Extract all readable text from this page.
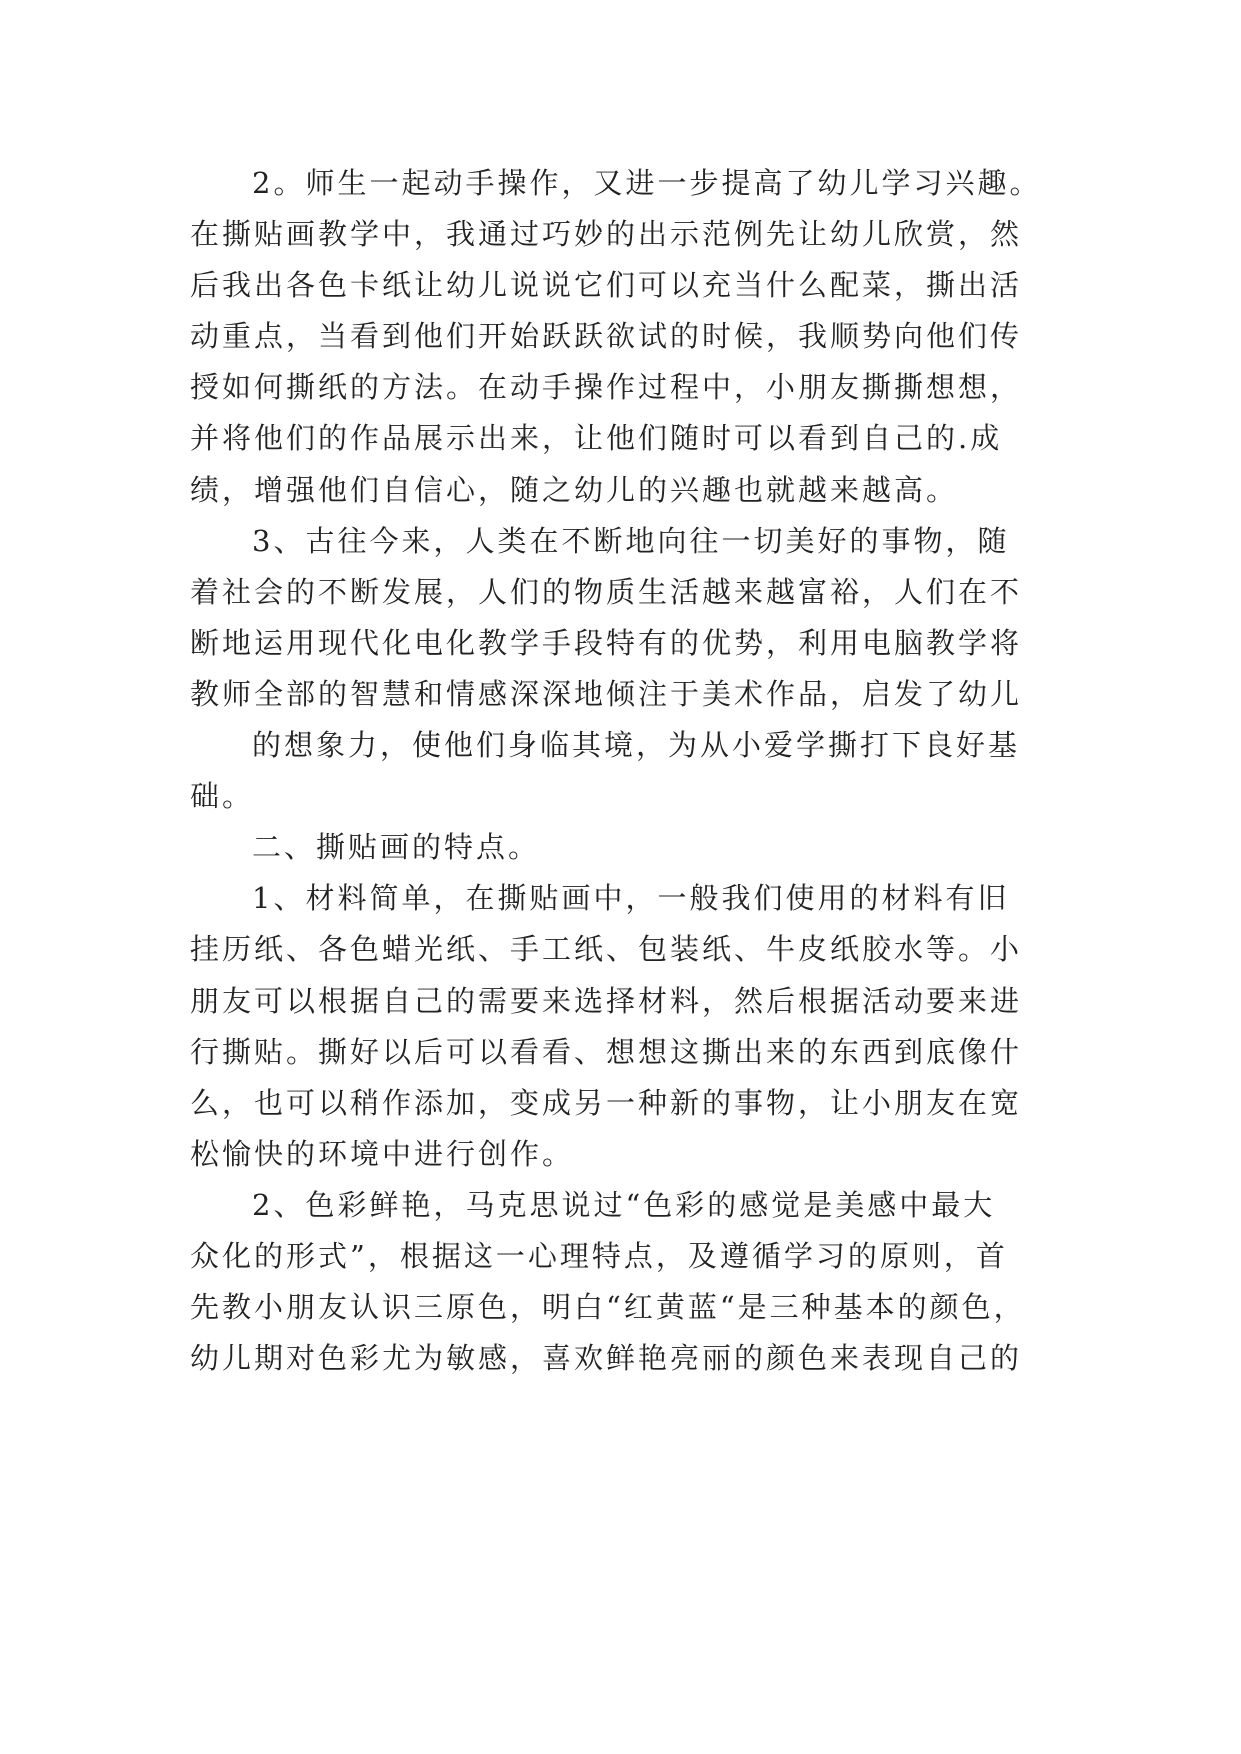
2。师生一起动手操作，又进一步提高了幼儿学习兴趣。
在撕贴画教学中，我通过巧妙的出示范例先让幼儿欣赏，然
后我出各色卡纸让幼儿说说它们可以充当什么配菜，撕出活
动重点，当看到他们开始跃跃欲试的时候，我顺势向他们传
授如何撕纸的方法。在动手操作过程中，小朋友撕撕想想，
并将他们的作品展示出来，让他们随时可以看到自己的.成
绩，增强他们自信心，随之幼儿的兴趣也就越来越高。
3、古往今来，人类在不断地向往一切美好的事物，随
着社会的不断发展，人们的物质生活越来越富裕，人们在不
断地运用现代化电化教学手段特有的优势，利用电脑教学将
教师全部的智慧和情感深深地倾注于美术作品，启发了幼儿
的想象力，使他们身临其境，为从小爱学撕打下良好基
础。
二、撕贴画的特点。
1、材料简单，在撕贴画中，一般我们使用的材料有旧
挂历纸、各色蜡光纸、手工纸、包装纸、牛皮纸胶水等。小
朋友可以根据自己的需要来选择材料，然后根据活动要来进
行撕贴。撕好以后可以看看、想想这撕出来的东西到底像什
么，也可以稍作添加，变成另一种新的事物，让小朋友在宽
松愉快的环境中进行创作。
2、色彩鲜艳，马克思说过“色彩的感觉是美感中最大
众化的形式”，根据这一心理特点，及遵循学习的原则，首
先教小朋友认识三原色，明白“红黄蓝“是三种基本的颜色，
幼儿期对色彩尤为敏感，喜欢鲜艳亮丽的颜色来表现自己的
